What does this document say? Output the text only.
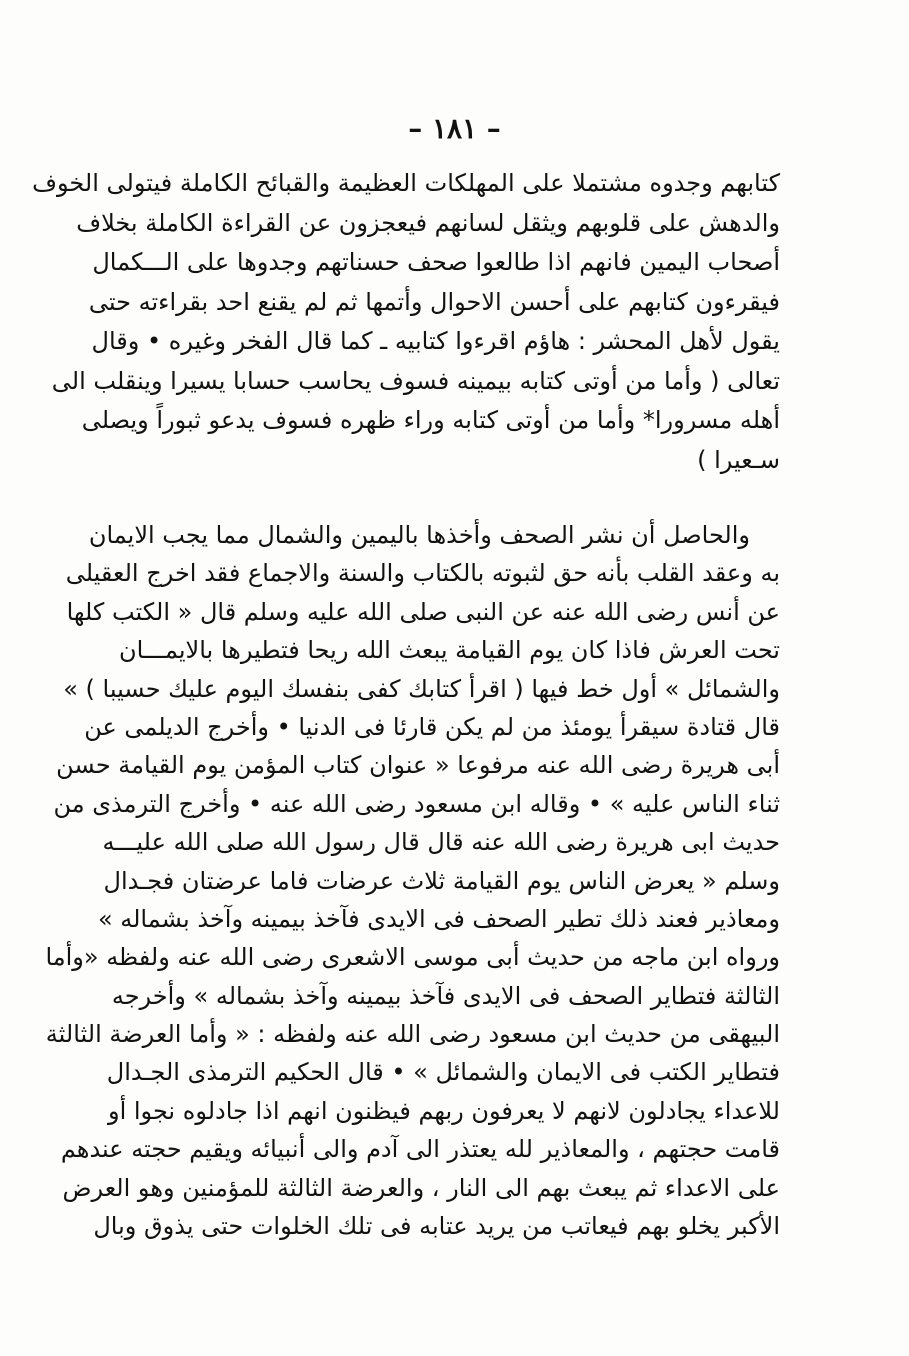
– ١٨١ –
كتابهم وجدوه مشتملا على المهلكات العظيمة والقبائح الكاملة فيتولى الخوف
والدهش على قلوبهم ويثقل لسانهم فيعجزون عن القراءة الكاملة بخلاف
أصحاب اليمين فانهم اذا طالعوا صحف حسناتهم وجدوها على الـــكمال
فيقرءون كتابهم على أحسن الاحوال وأتمها ثم لم يقنع احد بقراءته حتى
يقول لأهل المحشر : هاؤم اقرءوا كتابيه ـ كما قال الفخر وغيره • وقال
تعالى ( وأما من أوتى كتابه بيمينه فسوف يحاسب حسابا يسيرا وينقلب الى
أهله مسرورا* وأما من أوتى كتابه وراء ظهره فسوف يدعو ثبوراً ويصلى
سـعيرا )
والحاصل أن نشر الصحف وأخذها باليمين والشمال مما يجب الايمان
به وعقد القلب بأنه حق لثبوته بالكتاب والسنة والاجماع فقد اخرج العقيلى
عن أنس رضى الله عنه عن النبى صلى الله عليه وسلم قال « الكتب كلها
تحت العرش فاذا كان يوم القيامة يبعث الله ريحا فتطيرها بالايمـــان
والشمائل » أول خط فيها ( اقرأ كتابك كفى بنفسك اليوم عليك حسيبا ) »
قال قتادة سيقرأ يومئذ من لم يكن قارئا فى الدنيا • وأخرج الديلمى عن
أبى هريرة رضى الله عنه مرفوعا « عنوان كتاب المؤمن يوم القيامة حسن
ثناء الناس عليه » • وقاله ابن مسعود رضى الله عنه • وأخرج الترمذى من
حديث ابى هريرة رضى الله عنه قال قال رسول الله صلى الله عليـــه
وسلم « يعرض الناس يوم القيامة ثلاث عرضات فاما عرضتان فجـدال
ومعاذير فعند ذلك تطير الصحف فى الايدى فآخذ بيمينه وآخذ بشماله »
ورواه ابن ماجه من حديث أبى موسى الاشعرى رضى الله عنه ولفظه «وأما
الثالثة فتطاير الصحف فى الايدى فآخذ بيمينه وآخذ بشماله » وأخرجه
البيهقى من حديث ابن مسعود رضى الله عنه ولفظه : « وأما العرضة الثالثة
فتطاير الكتب فى الايمان والشمائل » • قال الحكيم الترمذى الجـدال
للاعداء يجادلون لانهم لا يعرفون ربهم فيظنون انهم اذا جادلوه نجوا أو
قامت حجتهم ، والمعاذير لله يعتذر الى آدم والى أنبيائه ويقيم حجته عندهم
على الاعداء ثم يبعث بهم الى النار ، والعرضة الثالثة للمؤمنين وهو العرض
الأكبر يخلو بهم فيعاتب من يريد عتابه فى تلك الخلوات حتى يذوق وبال
